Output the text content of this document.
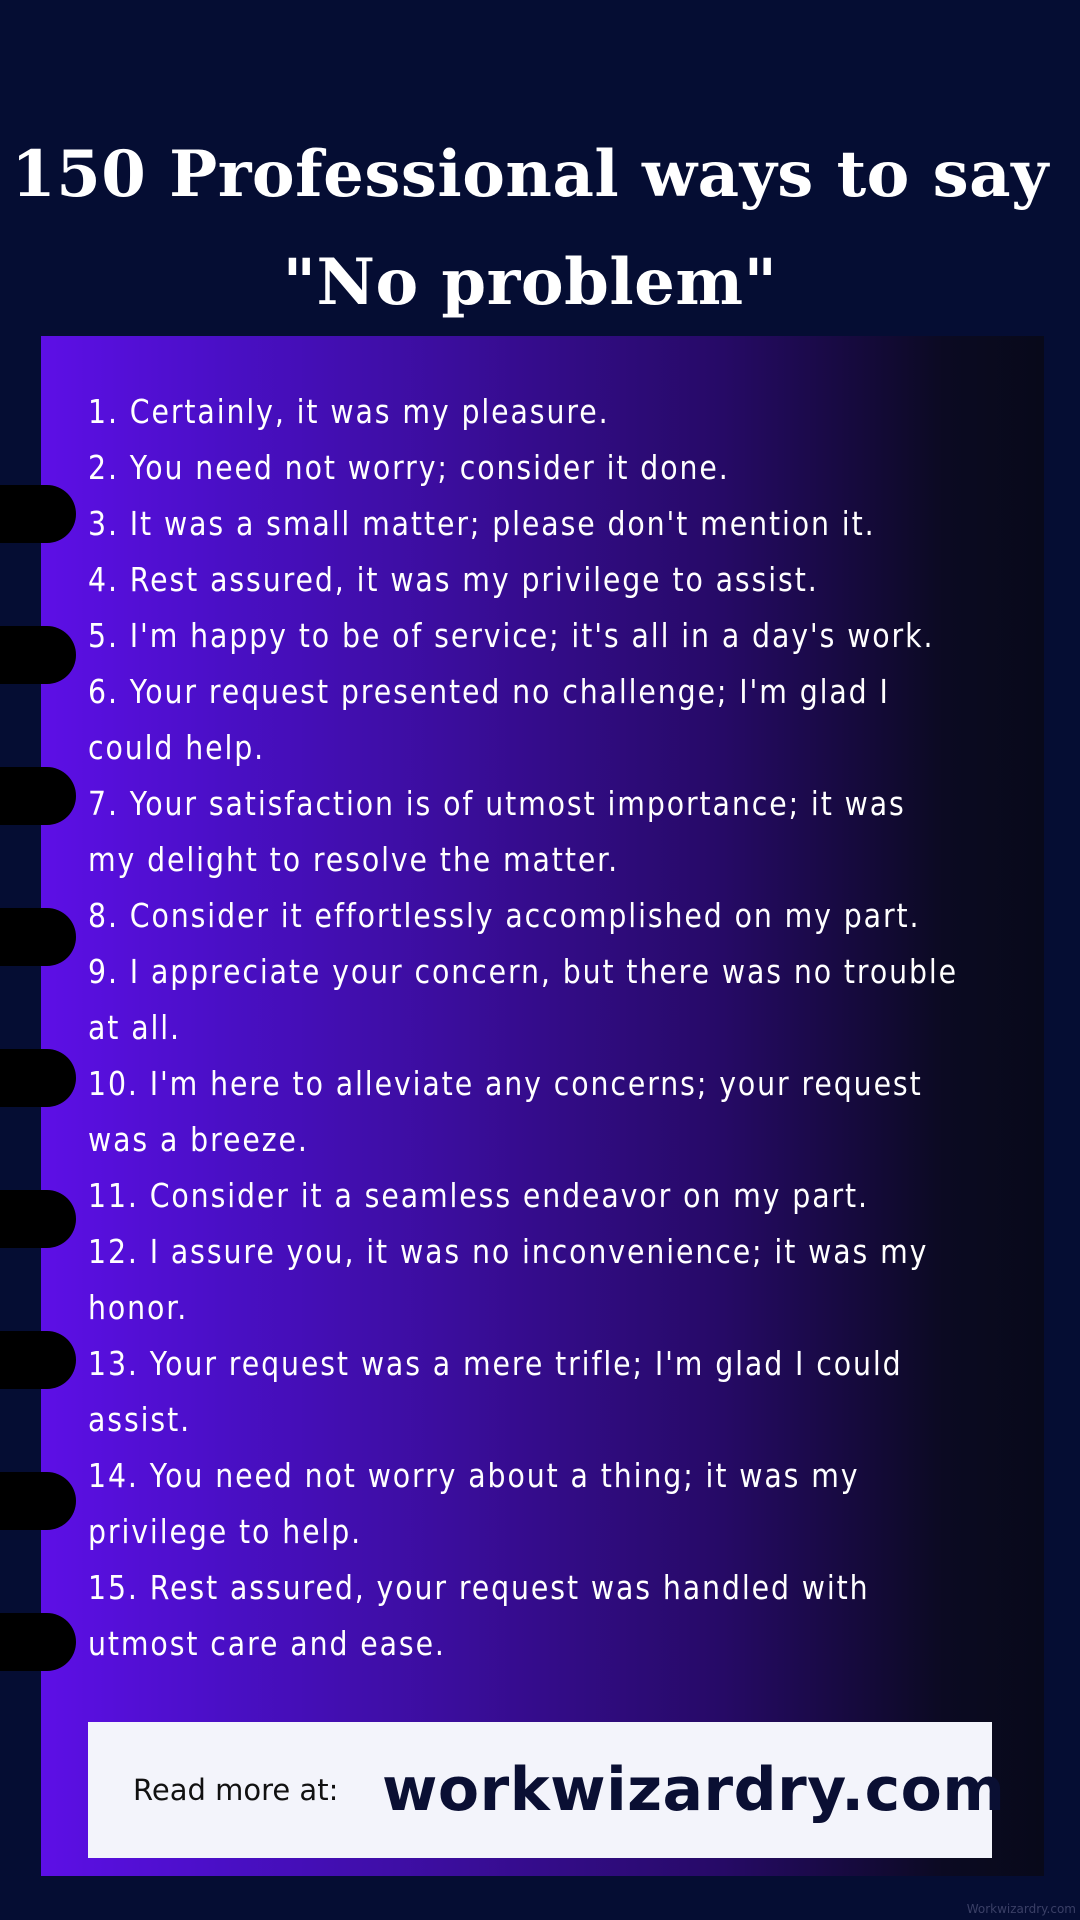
150 Professional ways to say
"No problem"
1. Certainly, it was my pleasure.
2. You need not worry; consider it done.
3. It was a small matter; please don't mention it.
4. Rest assured, it was my privilege to assist.
5. I'm happy to be of service; it's all in a day's work.
6. Your request presented no challenge; I'm glad I
could help.
7. Your satisfaction is of utmost importance; it was
my delight to resolve the matter.
8. Consider it effortlessly accomplished on my part.
9. I appreciate your concern, but there was no trouble
at all.
10. I'm here to alleviate any concerns; your request
was a breeze.
11. Consider it a seamless endeavor on my part.
12. I assure you, it was no inconvenience; it was my
honor.
13. Your request was a mere trifle; I'm glad I could
assist.
14. You need not worry about a thing; it was my
privilege to help.
15. Rest assured, your request was handled with
utmost care and ease.
Read more at: workwizardry.com
Workwizardry.com
